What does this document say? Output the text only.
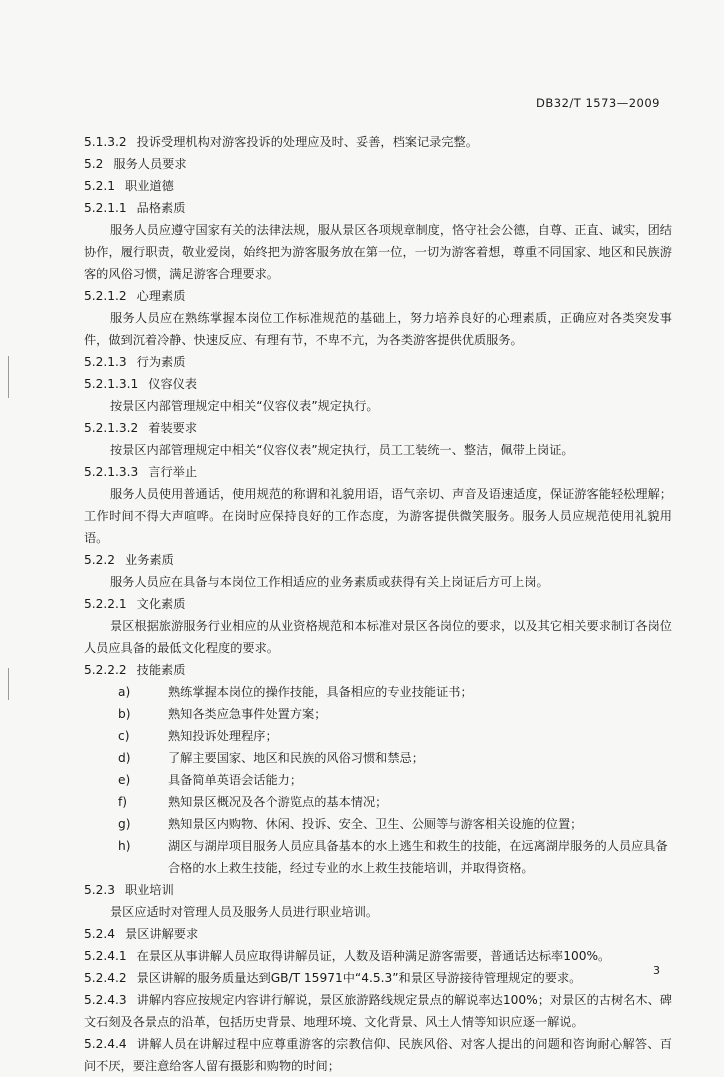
DB32/T 1573—2009
5.1.3.2 投诉受理机构对游客投诉的处理应及时、妥善，档案记录完整。
5.2 服务人员要求
5.2.1 职业道德
5.2.1.1 品格素质
服务人员应遵守国家有关的法律法规，服从景区各项规章制度，恪守社会公德，自尊、正直、诚实，团结协作，履行职责，敬业爱岗，始终把为游客服务放在第一位，一切为游客着想，尊重不同国家、地区和民族游客的风俗习惯，满足游客合理要求。
5.2.1.2 心理素质
服务人员应在熟练掌握本岗位工作标准规范的基础上，努力培养良好的心理素质，正确应对各类突发事件，做到沉着冷静、快速反应、有理有节，不卑不亢，为各类游客提供优质服务。
5.2.1.3 行为素质
5.2.1.3.1 仪容仪表
按景区内部管理规定中相关“仪容仪表”规定执行。
5.2.1.3.2 着装要求
按景区内部管理规定中相关“仪容仪表”规定执行，员工工装统一、整洁，佩带上岗证。
5.2.1.3.3 言行举止
服务人员使用普通话，使用规范的称谓和礼貌用语，语气亲切、声音及语速适度，保证游客能轻松理解；工作时间不得大声喧哗。在岗时应保持良好的工作态度，为游客提供微笑服务。服务人员应规范使用礼貌用语。
5.2.2 业务素质
服务人员应在具备与本岗位工作相适应的业务素质或获得有关上岗证后方可上岗。
5.2.2.1 文化素质
景区根据旅游服务行业相应的从业资格规范和本标准对景区各岗位的要求，以及其它相关要求制订各岗位人员应具备的最低文化程度的要求。
5.2.2.2 技能素质
a)	熟练掌握本岗位的操作技能，具备相应的专业技能证书；
b)	熟知各类应急事件处置方案；
c)	熟知投诉处理程序；
d)	了解主要国家、地区和民族的风俗习惯和禁忌；
e)	具备简单英语会话能力；
f)	熟知景区概况及各个游览点的基本情况；
g)	熟知景区内购物、休闲、投诉、安全、卫生、公厕等与游客相关设施的位置；
h)	湖区与湖岸项目服务人员应具备基本的水上逃生和救生的技能，在远离湖岸服务的人员应具备合格的水上救生技能，经过专业的水上救生技能培训，并取得资格。
5.2.3 职业培训
景区应适时对管理人员及服务人员进行职业培训。
5.2.4 景区讲解要求
5.2.4.1 在景区从事讲解人员应取得讲解员证，人数及语种满足游客需要，普通话达标率100%。
5.2.4.2 景区讲解的服务质量达到GB/T 15971中“4.5.3”和景区导游接待管理规定的要求。
5.2.4.3 讲解内容应按规定内容讲行解说，景区旅游路线规定景点的解说率达100%；对景区的古树名木、碑文石刻及各景点的沿革，包括历史背景、地理环境、文化背景、风土人情等知识应逐一解说。
5.2.4.4 讲解人员在讲解过程中应尊重游客的宗教信仰、民族风俗、对客人提出的问题和咨询耐心解答、百问不厌，要注意给客人留有摄影和购物的时间；
3
